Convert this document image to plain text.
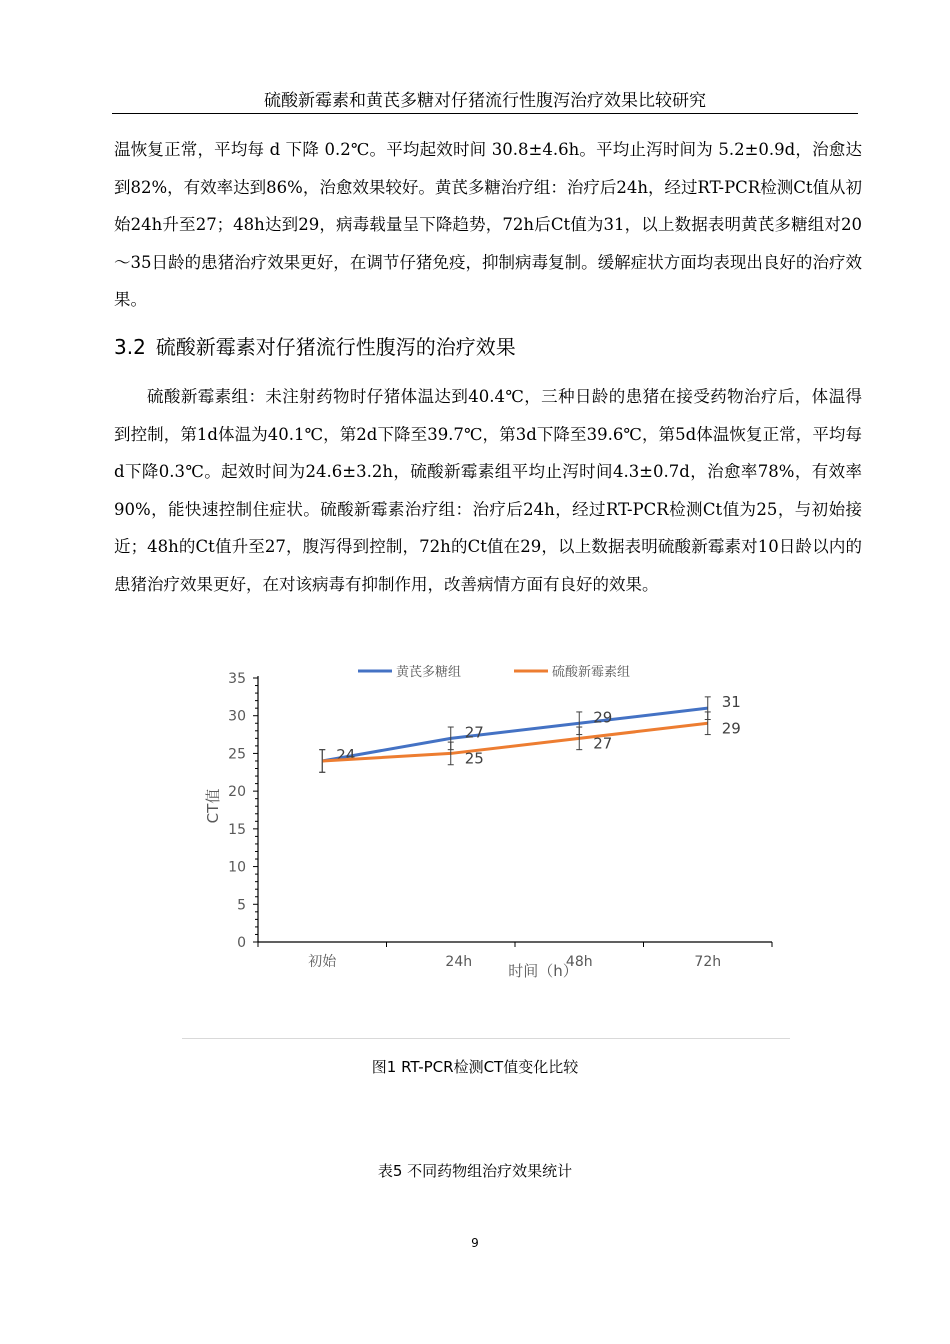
硫酸新霉素和黄芪多糖对仔猪流行性腹泻治疗效果比较研究
温恢复正常，平均每 d 下降 0.2℃。平均起效时间 30.8±4.6h。平均止泻时间为 5.2±0.9d，治愈达到82%，有效率达到86%，治愈效果较好。黄芪多糖治疗组：治疗后24h，经过RT-PCR检测Ct值从初始24h升至27；48h达到29，病毒载量呈下降趋势，72h后Ct值为31，以上数据表明黄芪多糖组对20～35日龄的患猪治疗效果更好，在调节仔猪免疫，抑制病毒复制。缓解症状方面均表现出良好的治疗效果。
3.2 硫酸新霉素对仔猪流行性腹泻的治疗效果
硫酸新霉素组：未注射药物时仔猪体温达到40.4℃，三种日龄的患猪在接受药物治疗后，体温得到控制，第1d体温为40.1℃，第2d下降至39.7℃，第3d下降至39.6℃，第5d体温恢复正常，平均每d下降0.3℃。起效时间为24.6±3.2h，硫酸新霉素组平均止泻时间4.3±0.7d，治愈率78%，有效率90%，能快速控制住症状。硫酸新霉素治疗组：治疗后24h，经过RT-PCR检测Ct值为25，与初始接近；48h的Ct值升至27，腹泻得到控制，72h的Ct值在29，以上数据表明硫酸新霉素对10日龄以内的患猪治疗效果更好，在对该病毒有抑制作用，改善病情方面有良好的效果。
0
5
10
15
20
25
30
35
初始	24h	48h	72h
CT值
时间（h）
黄芪多糖组	硫酸新霉素组
24
27
29
31
25
27
29
图1 RT-PCR检测CT值变化比较
表5 不同药物组治疗效果统计
9
